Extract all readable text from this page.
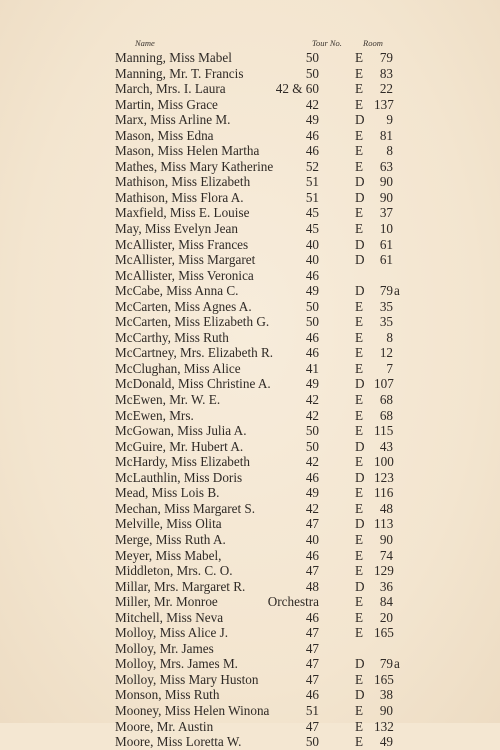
Name	Tour No. Room
Manning, Miss Mabel	50	E	79
Manning, Mr. T. Francis	50	E	83
March, Mrs. I. Laura	42 & 60	E	22
Martin, Miss Grace	42	E 137
Marx, Miss Arline M.	49	D	9
Mason, Miss Edna	46	E	81
Mason, Miss Helen Martha	46	E	8
Mathes, Miss Mary Katherine 52	E	63
Mathison, Miss Elizabeth	51	D	90
Mathison, Miss Flora A.	51	D	90
Maxfield, Miss E. Louise	45	E	37
May, Miss Evelyn Jean	45	E	10
McAllister, Miss Frances	40	D	61
McAllister, Miss Margaret	40	D	61
McAllister, Miss Veronica	46
McCabe, Miss Anna C.	49	D	79 a
McCarten, Miss Agnes A.	50	E	35
McCarten, Miss Elizabeth G.	50	E	35
McCarthy, Miss Ruth	46	E	8
McCartney, Mrs. Elizabeth R. 46	E	12
McClughan, Miss Alice	41	E	7
McDonald, Miss Christine A.	49	D 107
McEwen, Mr. W. E.	42	E	68
McEwen, Mrs.	42	E	68
McGowan, Miss Julia A.	50	E 115
McGuire, Mr. Hubert A.	50	D	43
McHardy, Miss Elizabeth	42	E 100
McLauthlin, Miss Doris	46	D 123
Mead, Miss Lois B.	49	E 116
Mechan, Miss Margaret S.	42	E	48
Melville, Miss Olita	47	D 113
Merge, Miss Ruth A.	40	E	90
Meyer, Miss Mabel,	46	E	74
Middleton, Mrs. C. O.	47	E 129
Millar, Mrs. Margaret R.	48	D	36
Miller, Mr. Monroe	Orchestra	E	84
Mitchell, Miss Neva	46	E	20
Molloy, Miss Alice J.	47	E 165
Molloy, Mr. James	47
Molloy, Mrs. James M.	47	D	79 a
Molloy, Miss Mary Huston	47	E 165
Monson, Miss Ruth	46	D	38
Mooney, Miss Helen Winona	51	E	90
Moore, Mr. Austin	47	E 132
Moore, Miss Loretta W.	50	E	49
